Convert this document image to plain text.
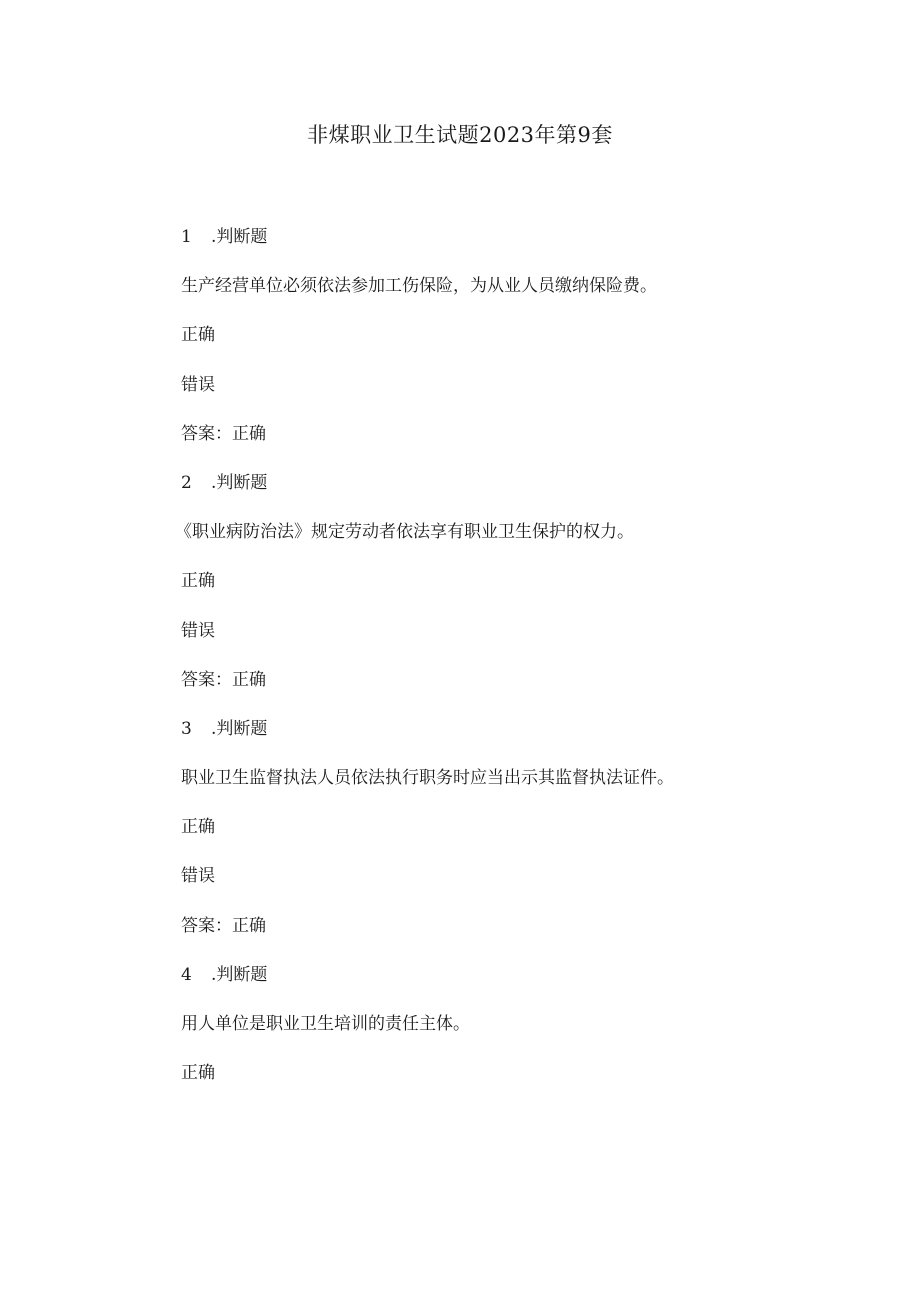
非煤职业卫生试题2023年第9套
1 .判断题
生产经营单位必须依法参加工伤保险，为从业人员缴纳保险费。
正确
错误
答案：正确
2 .判断题
《职业病防治法》规定劳动者依法享有职业卫生保护的权力。
正确
错误
答案：正确
3 .判断题
职业卫生监督执法人员依法执行职务时应当出示其监督执法证件。
正确
错误
答案：正确
4 .判断题
用人单位是职业卫生培训的责任主体。
正确
